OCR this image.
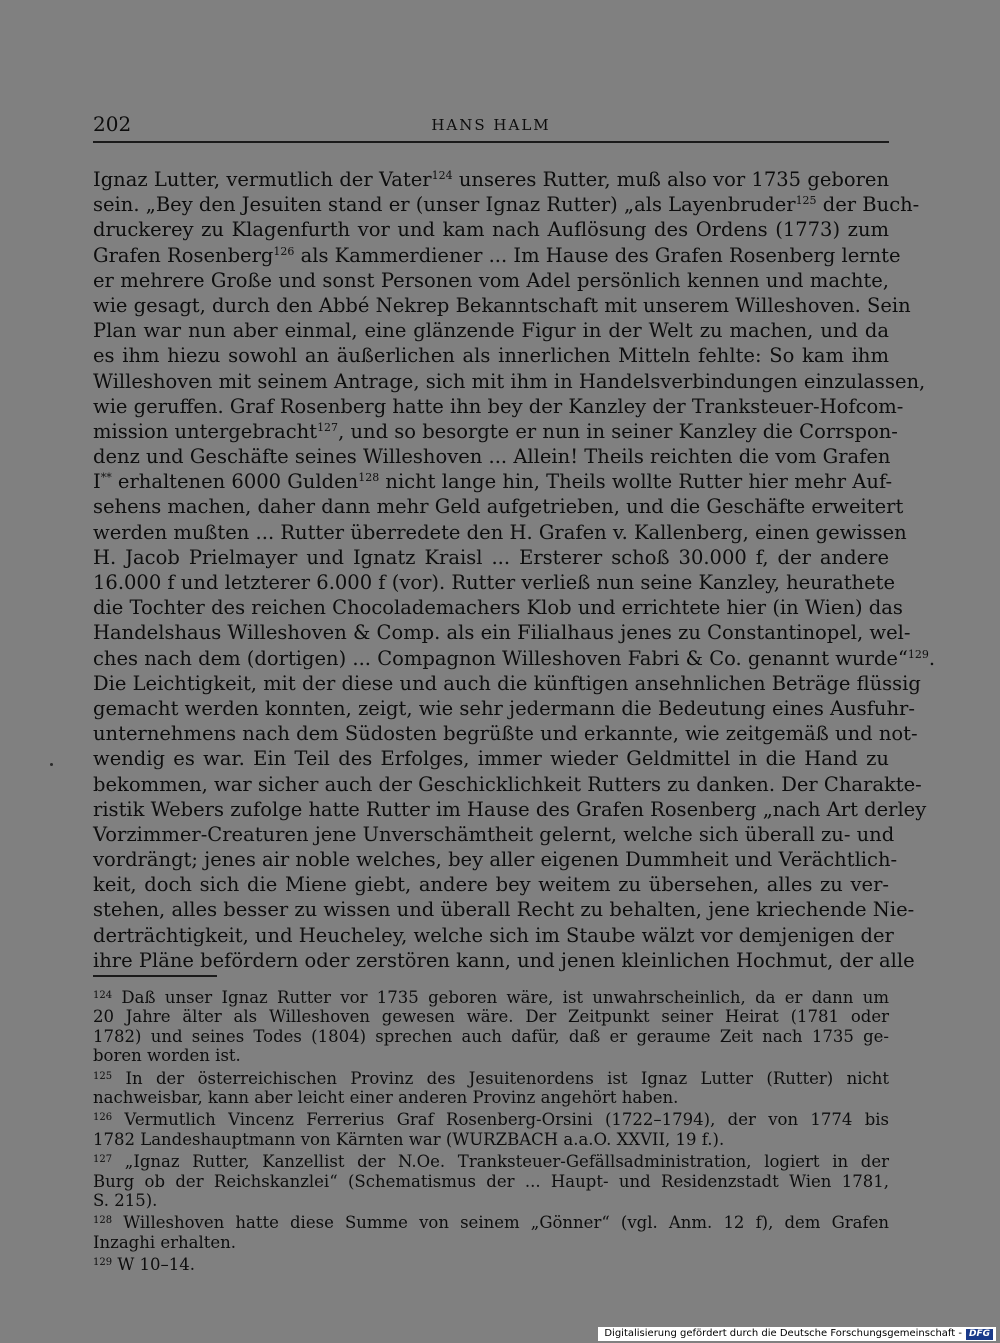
202	HANS HALM
Ignaz Lutter, vermutlich der Vater$^{124}$ unseres Rutter, muß also vor 1735 geboren
sein. „Bey den Jesuiten stand er (unser Ignaz Rutter) „als Layenbruder$^{125}$ der Buch-
druckerey zu Klagenfurth vor und kam nach Auflösung des Ordens (1773) zum
Grafen Rosenberg$^{126}$ als Kammerdiener ... Im Hause des Grafen Rosenberg lernte
er mehrere Große und sonst Personen vom Adel persönlich kennen und machte,
wie gesagt, durch den Abbé Nekrep Bekanntschaft mit unserem Willeshoven. Sein
Plan war nun aber einmal, eine glänzende Figur in der Welt zu machen, und da
es ihm hiezu sowohl an äußerlichen als innerlichen Mitteln fehlte: So kam ihm
Willeshoven mit seinem Antrage, sich mit ihm in Handelsverbindungen einzulassen,
wie geruffen. Graf Rosenberg hatte ihn bey der Kanzley der Tranksteuer-Hofcom-
mission untergebracht$^{127}$, und so besorgte er nun in seiner Kanzley die Corrspon-
denz und Geschäfte seines Willeshoven ... Allein! Theils reichten die vom Grafen
I** erhaltenen 6000 Gulden$^{128}$ nicht lange hin, Theils wollte Rutter hier mehr Auf-
sehens machen, daher dann mehr Geld aufgetrieben, und die Geschäfte erweitert
werden mußten ... Rutter überredete den H. Grafen v. Kallenberg, einen gewissen
H. Jacob Prielmayer und Ignatz Kraisl ... Ersterer schoß 30.000 f, der andere
16.000 f und letzterer 6.000 f (vor). Rutter verließ nun seine Kanzley, heurathete
die Tochter des reichen Chocolademachers Klob und errichtete hier (in Wien) das
Handelshaus Willeshoven & Comp. als ein Filialhaus jenes zu Constantinopel, wel-
ches nach dem (dortigen) ... Compagnon Willeshoven Fabri & Co. genannt wurde“$^{129}$.
Die Leichtigkeit, mit der diese und auch die künftigen ansehnlichen Beträge flüssig
gemacht werden konnten, zeigt, wie sehr jedermann die Bedeutung eines Ausfuhr-
unternehmens nach dem Südosten begrüßte und erkannte, wie zeitgemäß und not-
wendig es war. Ein Teil des Erfolges, immer wieder Geldmittel in die Hand zu
bekommen, war sicher auch der Geschicklichkeit Rutters zu danken. Der Charakte-
ristik Webers zufolge hatte Rutter im Hause des Grafen Rosenberg „nach Art derley
Vorzimmer-Creaturen jene Unverschämtheit gelernt, welche sich überall zu- und
vordrängt; jenes air noble welches, bey aller eigenen Dummheit und Verächtlich-
keit, doch sich die Miene giebt, andere bey weitem zu übersehen, alles zu ver-
stehen, alles besser zu wissen und überall Recht zu behalten, jene kriechende Nie-
derträchtigkeit, und Heucheley, welche sich im Staube wälzt vor demjenigen der
ihre Pläne befördern oder zerstören kann, und jenen kleinlichen Hochmut, der alle
$^{124}$ Daß unser Ignaz Rutter vor 1735 geboren wäre, ist unwahrscheinlich, da er dann um
20 Jahre älter als Willeshoven gewesen wäre. Der Zeitpunkt seiner Heirat (1781 oder
1782) und seines Todes (1804) sprechen auch dafür, daß er geraume Zeit nach 1735 ge-
boren worden ist.
$^{125}$ In der österreichischen Provinz des Jesuitenordens ist Ignaz Lutter (Rutter) nicht
nachweisbar, kann aber leicht einer anderen Provinz angehört haben.
$^{126}$ Vermutlich Vincenz Ferrerius Graf Rosenberg-Orsini (1722–1794), der von 1774 bis
1782 Landeshauptmann von Kärnten war (WURZBACH a.a.O. XXVII, 19 f.).
$^{127}$ „Ignaz Rutter, Kanzellist der N.Oe. Tranksteuer-Gefällsadministration, logiert in der
Burg ob der Reichskanzlei“ (Schematismus der ... Haupt- und Residenzstadt Wien 1781,
S. 215).
$^{128}$ Willeshoven hatte diese Summe von seinem „Gönner“ (vgl. Anm. 12 f), dem Grafen
Inzaghi erhalten.
$^{129}$ W 10–14.
Digitalisierung gefördert durch die Deutsche Forschungsgemeinschaft - DFG
